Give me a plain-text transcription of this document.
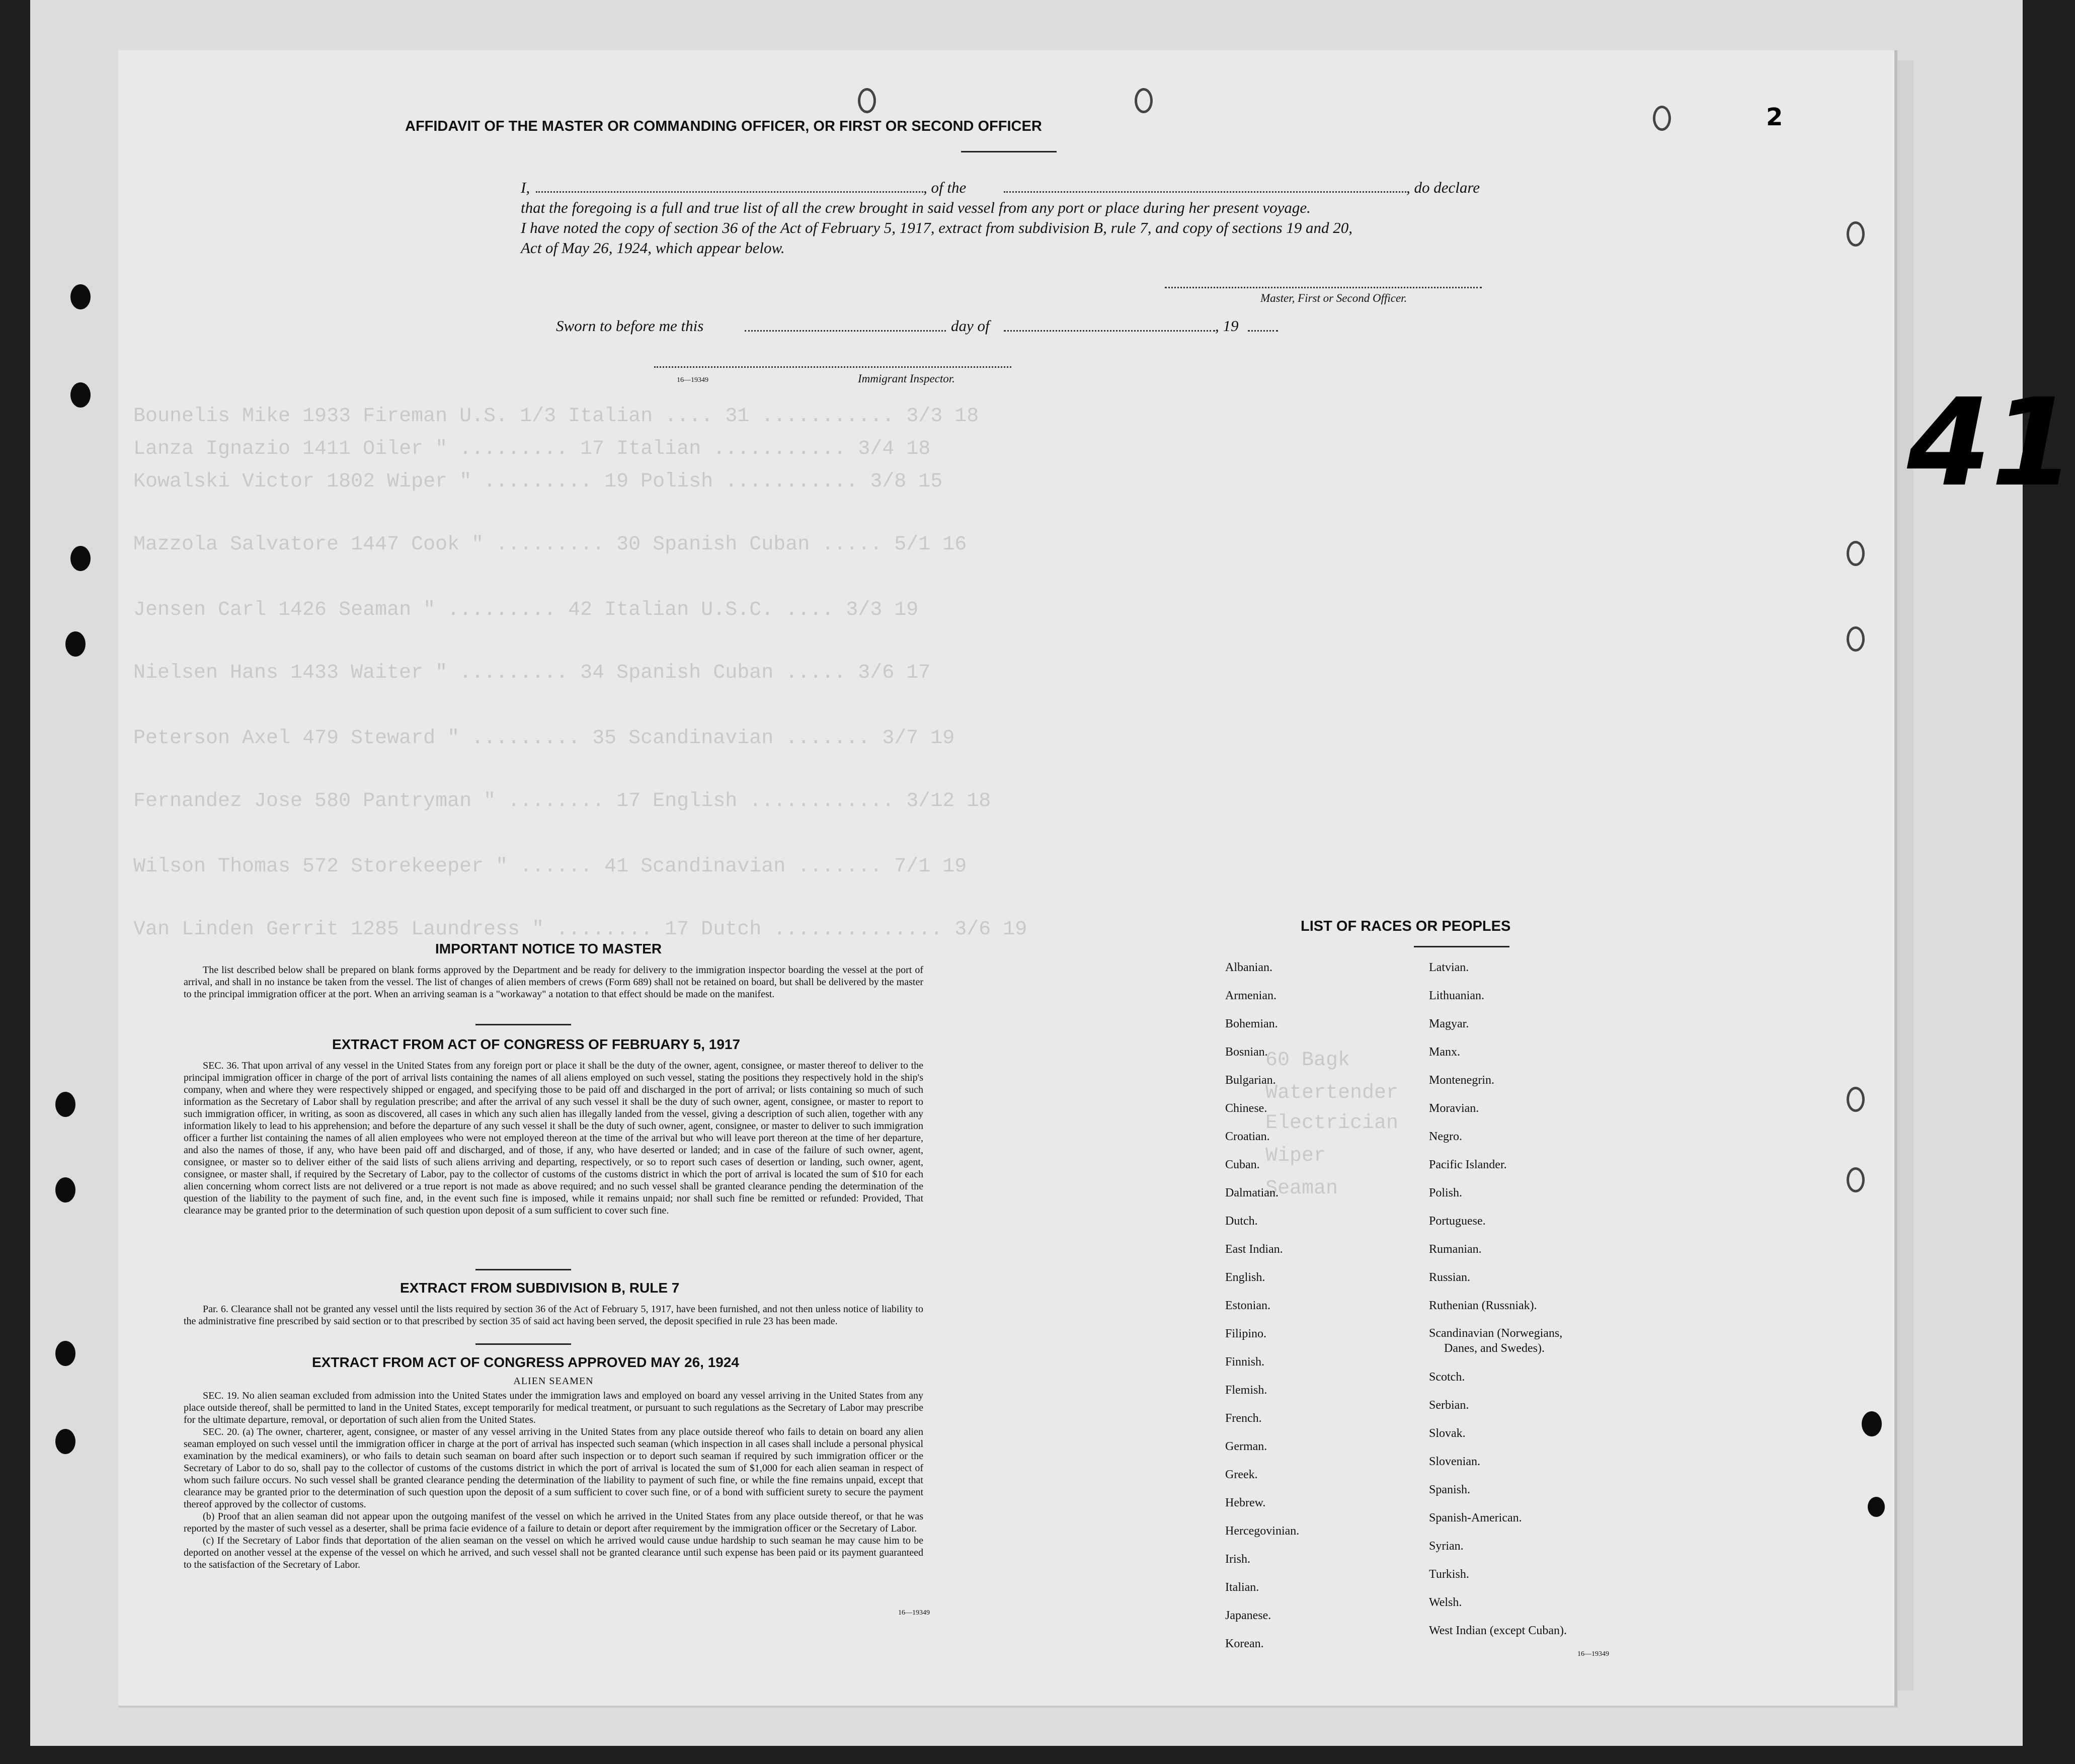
Bounelis Mike 1933 Fireman U.S. 1/3 Italian .... 31 ........... 3/3 18
Lanza Ignazio 1411 Oiler " ......... 17 Italian ........... 3/4 18
Kowalski Victor 1802 Wiper " ......... 19 Polish ........... 3/8 15
Mazzola Salvatore 1447 Cook " ......... 30 Spanish Cuban ..... 5/1 16
Jensen Carl 1426 Seaman " ......... 42 Italian U.S.C. .... 3/3 19
Nielsen Hans 1433 Waiter " ......... 34 Spanish Cuban ..... 3/6 17
Peterson Axel 479 Steward " ......... 35 Scandinavian ....... 3/7 19
Fernandez Jose 580 Pantryman " ........ 17 English ............ 3/12 18
Wilson Thomas 572 Storekeeper " ...... 41 Scandinavian ....... 7/1 19
Van Linden Gerrit 1285 Laundress " ........ 17 Dutch .............. 3/6 19
60 Bagk
Watertender
Electrician
Wiper
Seaman
AFFIDAVIT OF THE MASTER OR COMMANDING OFFICER, OR FIRST OR SECOND OFFICER
I,	, of the	, do declare
that the foregoing is a full and true list of all the crew brought in said vessel from any port or place during her present voyage.
I have noted the copy of section 36 of the Act of February 5, 1917, extract from subdivision B, rule 7, and copy of sections 19 and 20,
Act of May 26, 1924, which appear below.
Master, First or Second Officer.
Sworn to before me this	day of	, 19
16—19349	Immigrant Inspector.
IMPORTANT NOTICE TO MASTER

The list described below shall be prepared on blank forms approved by the Department and be ready for delivery to the immigration inspector boarding the vessel at the port of arrival, and shall in no instance be taken from the vessel. The list of changes of alien members of crews (Form 689) shall not be retained on board, but shall be delivered by the master to the principal immigration officer at the port. When an arriving seaman is a "workaway" a notation to that effect should be made on the manifest.

EXTRACT FROM ACT OF CONGRESS OF FEBRUARY 5, 1917

SEC. 36. That upon arrival of any vessel in the United States from any foreign port or place it shall be the duty of the owner, agent, consignee, or master thereof to deliver to the principal immigration officer in charge of the port of arrival lists containing the names of all aliens employed on such vessel, stating the positions they respectively hold in the ship's company, when and where they were respectively shipped or engaged, and specifying those to be paid off and discharged in the port of arrival; or lists containing so much of such information as the Secretary of Labor shall by regulation prescribe; and after the arrival of any such vessel it shall be the duty of such owner, agent, consignee, or master to report to such immigration officer, in writing, as soon as discovered, all cases in which any such alien has illegally landed from the vessel, giving a description of such alien, together with any information likely to lead to his apprehension; and before the departure of any such vessel it shall be the duty of such owner, agent, consignee, or master to deliver to such immigration officer a further list containing the names of all alien employees who were not employed thereon at the time of the arrival but who will leave port thereon at the time of her departure, and also the names of those, if any, who have been paid off and discharged, and of those, if any, who have deserted or landed; and in case of the failure of such owner, agent, consignee, or master so to deliver either of the said lists of such aliens arriving and departing, respectively, or so to report such cases of desertion or landing, such owner, agent, consignee, or master shall, if required by the Secretary of Labor, pay to the collector of customs of the customs district in which the port of arrival is located the sum of $10 for each alien concerning whom correct lists are not delivered or a true report is not made as above required; and no such vessel shall be granted clearance pending the determination of the question of the liability to the payment of such fine, and, in the event such fine is imposed, while it remains unpaid; nor shall such fine be remitted or refunded: Provided, That clearance may be granted prior to the determination of such question upon deposit of a sum sufficient to cover such fine.

EXTRACT FROM SUBDIVISION B, RULE 7

Par. 6. Clearance shall not be granted any vessel until the lists required by section 36 of the Act of February 5, 1917, have been furnished, and not then unless notice of liability to the administrative fine prescribed by said section or to that prescribed by section 35 of said act having been served, the deposit specified in rule 23 has been made.

EXTRACT FROM ACT OF CONGRESS APPROVED MAY 26, 1924
ALIEN SEAMEN

SEC. 19. No alien seaman excluded from admission into the United States under the immigration laws and employed on board any vessel arriving in the United States from any place outside thereof, shall be permitted to land in the United States, except temporarily for medical treatment, or pursuant to such regulations as the Secretary of Labor may prescribe for the ultimate departure, removal, or deportation of such alien from the United States.

SEC. 20. (a) The owner, charterer, agent, consignee, or master of any vessel arriving in the United States from any place outside thereof who fails to detain on board any alien seaman employed on such vessel until the immigration officer in charge at the port of arrival has inspected such seaman (which inspection in all cases shall include a personal physical examination by the medical examiners), or who fails to detain such seaman on board after such inspection or to deport such seaman if required by such immigration officer or the Secretary of Labor to do so, shall pay to the collector of customs of the customs district in which the port of arrival is located the sum of $1,000 for each alien seaman in respect of whom such failure occurs. No such vessel shall be granted clearance pending the determination of the liability to payment of such fine, or while the fine remains unpaid, except that clearance may be granted prior to the determination of such question upon the deposit of a sum sufficient to cover such fine, or of a bond with sufficient surety to secure the payment thereof approved by the collector of customs.

(b) Proof that an alien seaman did not appear upon the outgoing manifest of the vessel on which he arrived in the United States from any place outside thereof, or that he was reported by the master of such vessel as a deserter, shall be prima facie evidence of a failure to detain or deport after requirement by the immigration officer or the Secretary of Labor.

(c) If the Secretary of Labor finds that deportation of the alien seaman on the vessel on which he arrived would cause undue hardship to such seaman he may cause him to be deported on another vessel at the expense of the vessel on which he arrived, and such vessel shall not be granted clearance until such expense has been paid or its payment guaranteed to the satisfaction of the Secretary of Labor.

16—19349
LIST OF RACES OR PEOPLES
Albanian.
Armenian.
Bohemian.
Bosnian.
Bulgarian.
Chinese.
Croatian.
Cuban.
Dalmatian.
Dutch.
East Indian.
English.
Estonian.
Filipino.
Finnish.
Flemish.
French.
German.
Greek.
Hebrew.
Hercegovinian.
Irish.
Italian.
Japanese.
Korean.
Latvian.
Lithuanian.
Magyar.
Manx.
Montenegrin.
Moravian.
Negro.
Pacific Islander.
Polish.
Portuguese.
Rumanian.
Russian.
Ruthenian (Russniak).
Scandinavian (Norwegians,
Danes, and Swedes).
Scotch.
Serbian.
Slovak.
Slovenian.
Spanish.
Spanish-American.
Syrian.
Turkish.
Welsh.
West Indian (except Cuban).
16—19349
2
41
